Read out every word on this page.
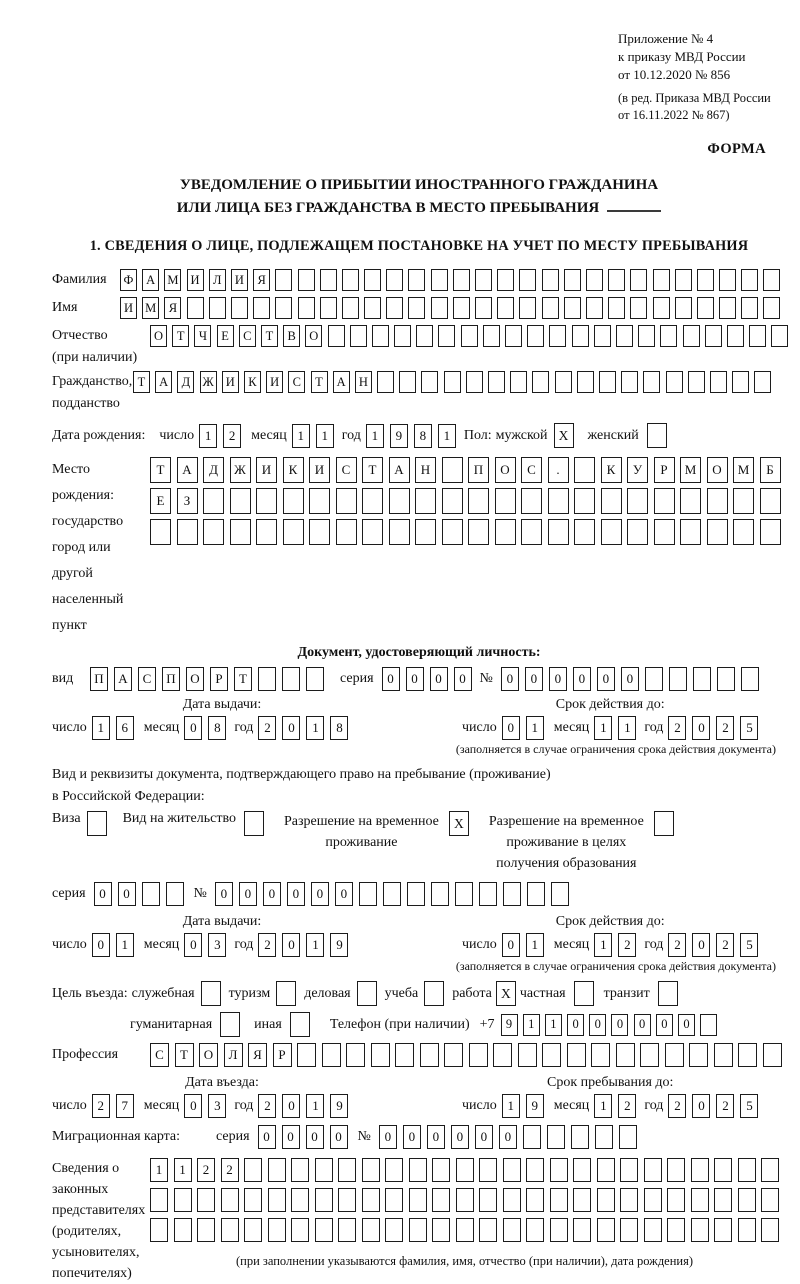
Приложение № 4
к приказу МВД России
от 10.12.2020 № 856
(в ред. Приказа МВД России
от 16.11.2022 № 867)
ФОРМА
УВЕДОМЛЕНИЕ О ПРИБЫТИИ ИНОСТРАННОГО ГРАЖДАНИНА
ИЛИ ЛИЦА БЕЗ ГРАЖДАНСТВА В МЕСТО ПРЕБЫВАНИЯ
1. СВЕДЕНИЯ О ЛИЦЕ, ПОДЛЕЖАЩЕМ ПОСТАНОВКЕ НА УЧЕТ ПО МЕСТУ ПРЕБЫВАНИЯ
Фамилия	Ф	А М И	Л	И	Я
Имя	И М Я
Отчество
(при наличии)
О	Т	Ч	Е	С	Т	В	О
Гражданство,
подданство
Т	А	Д Ж И	К	И	С	Т	А	Н
Дата рождения: число 1	2	месяц 1	1 год 1	9	8	1 Пол: мужской X	женский
Место рождения:
государство
город или другой
населенный пункт
Т	А	Д	Ж	И	К	И	С	Т	А	Н	П	О	С	.	К	У	Р	М	О	М	Б
Е	З
Документ, удостоверяющий личность:
вид	П	А	С	П	О	Р	Т	серия	0	0	0	0 №	0	0	0	0	0	0
Дата выдачи:
число 1	6	месяц 0	8 год 2	0	1	8
Срок действия до:
число 0	1	месяц 1	1 год 2	0	2	5
(заполняется в случае ограничения срока действия документа)
Вид и реквизиты документа, подтверждающего право на пребывание (проживание)
в Российской Федерации:
Виза	Вид на жительство	Разрешение на временное
проживание
X	Разрешение на временное
проживание в целях
получения образования
серия	0	0	№	0	0	0	0	0	0
Дата выдачи:
число 0	1	месяц 0	3 год 2	0	1	9
Срок действия до:
число 0	1	месяц 1	2 год 2	0	2	5
(заполняется в случае ограничения срока действия документа)
Цель въезда: служебная туризм деловая учеба работа X частная	транзит
гуманитарная	иная	Телефон (при наличии) +7 9	1	1	0	0	0	0	0	0
Профессия	С	Т	О	Л	Я	Р
Дата въезда:
число 2	7	месяц 0	3 год 2	0	1	9
Срок пребывания до:
число 1	9	месяц 1	2 год 2	0	2	5
Миграционная карта:	серия	0	0	0	0	№	0	0	0	0	0	0
Сведения о
законных
представителях
(родителях,
усыновителях,
попечителях)
1	1	2	2
(при заполнении указываются фамилия, имя, отчество (при наличии), дата рождения)
